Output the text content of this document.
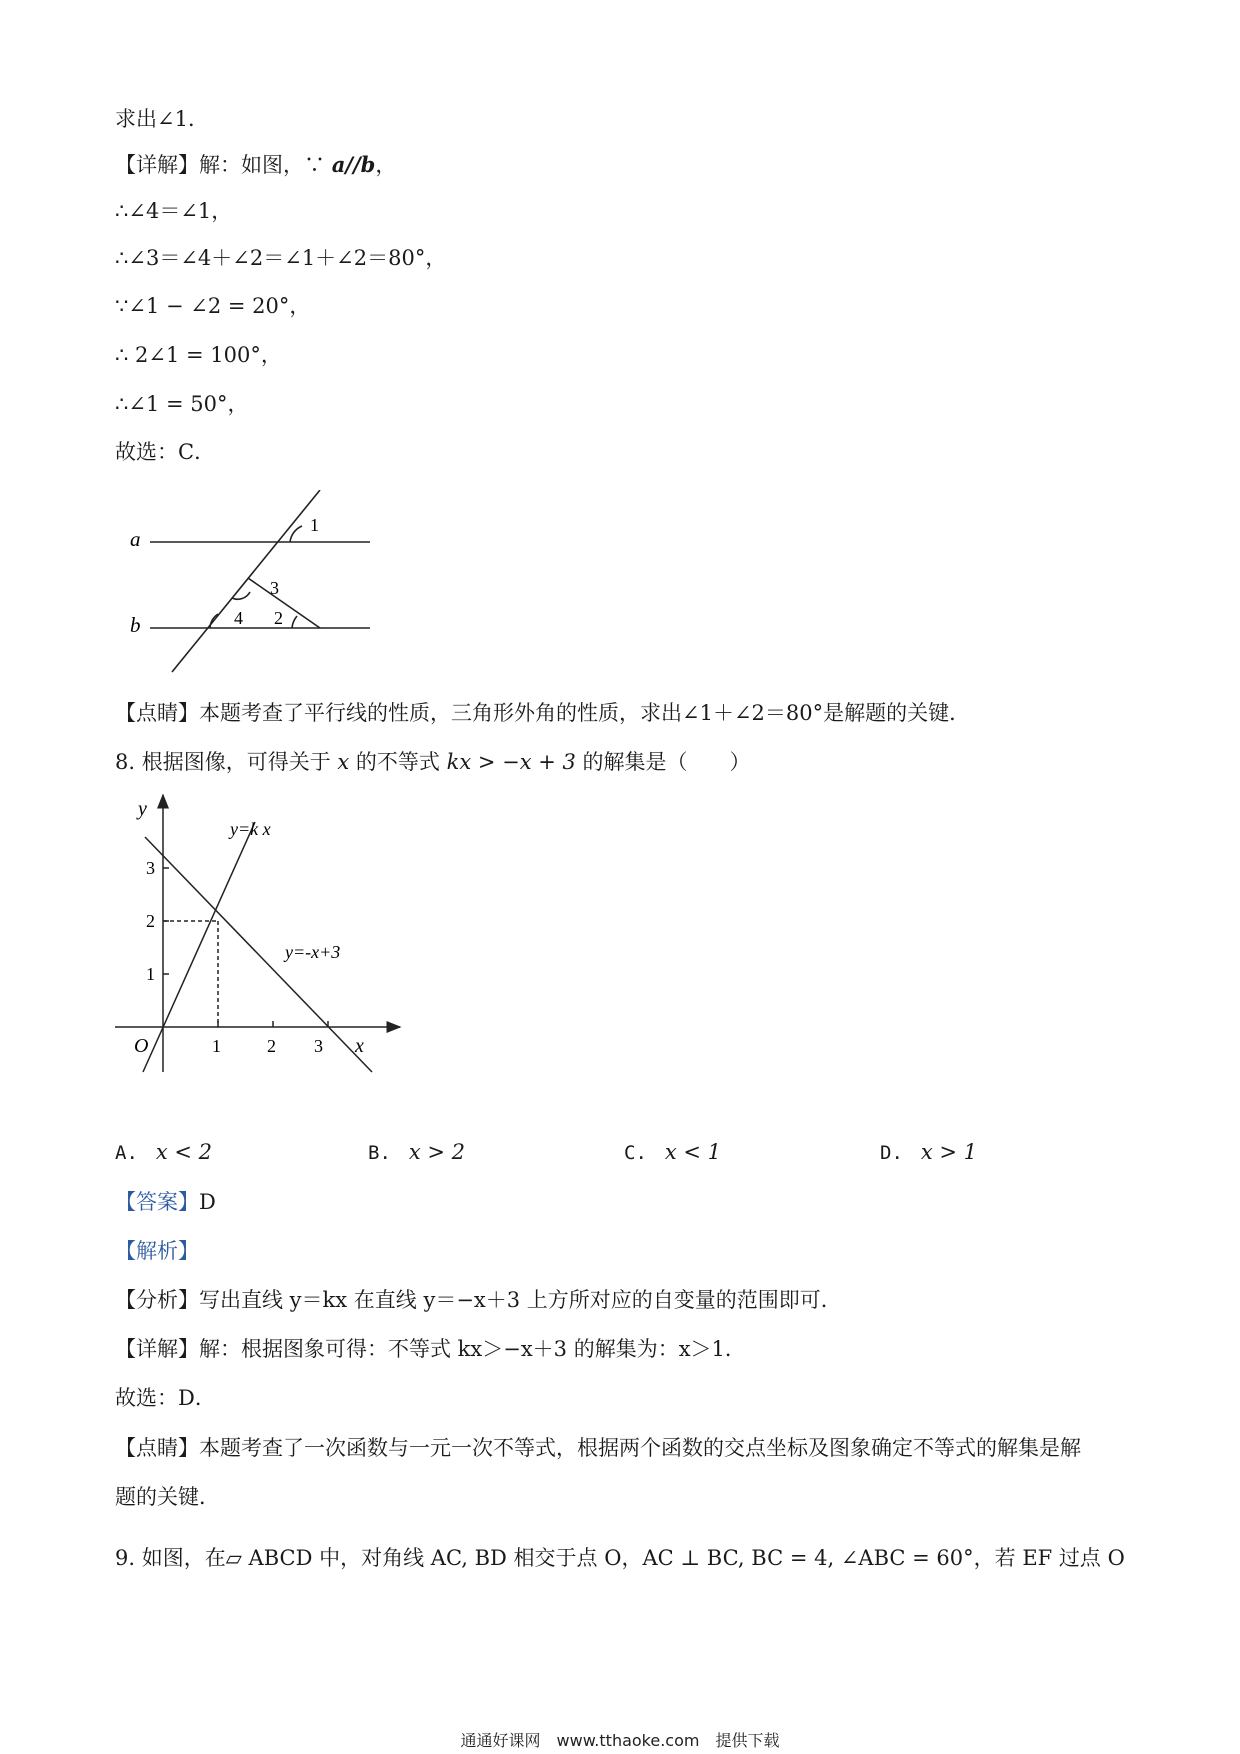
求出∠1．
【详解】解：如图，∵ a//b，
∴∠4＝∠1，
∴∠3＝∠4＋∠2＝∠1＋∠2＝80°，
∵∠1 − ∠2 = 20°，
∴ 2∠1 = 100°，
∴∠1 = 50°，
故选：C．
a
b
1
2
3
4
【点睛】本题考查了平行线的性质，三角形外角的性质，求出∠1＋∠2＝80°是解题的关键．
8. 根据图像，可得关于 x 的不等式 kx > −x + 3 的解集是（　　）
y
x
O	1	2 3
1
2
3
y=k x
y=-x+3
A. x < 2	B. x > 2	C. x < 1	D. x > 1
【答案】D
【解析】
【分析】写出直线 y＝kx 在直线 y＝−x＋3 上方所对应的自变量的范围即可．
【详解】解：根据图象可得：不等式 kx＞−x＋3 的解集为：x＞1．
故选：D．
【点睛】本题考查了一次函数与一元一次不等式，根据两个函数的交点坐标及图象确定不等式的解集是解
题的关键．
9. 如图，在▱ ABCD 中，对角线 AC, BD 相交于点 O，AC ⊥ BC, BC = 4, ∠ABC = 60°，若 EF 过点 O
通通好课网　www.tthaoke.com　提供下载
